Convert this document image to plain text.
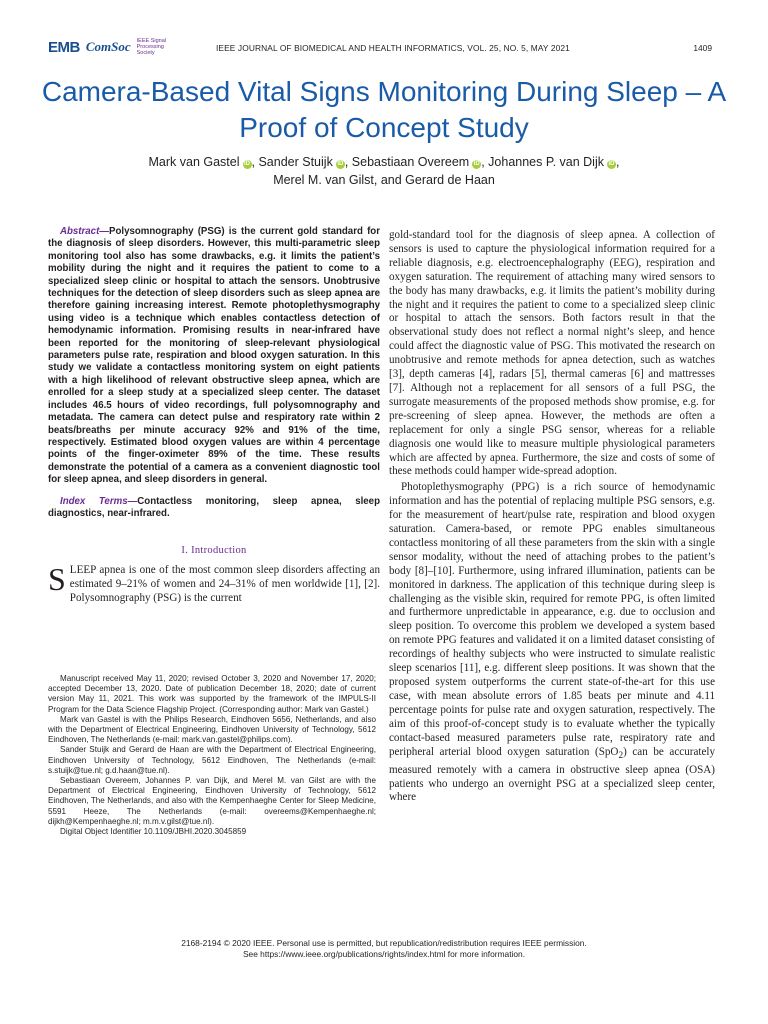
EMB ComSoc IEEE Signal Processing Society	IEEE JOURNAL OF BIOMEDICAL AND HEALTH INFORMATICS, VOL. 25, NO. 5, MAY 2021	1409
Camera-Based Vital Signs Monitoring During Sleep – A Proof of Concept Study
Mark van Gastel iD , Sander Stuijk iD , Sebastiaan Overeem iD , Johannes P. van Dijk iD ,
Merel M. van Gilst, and Gerard de Haan

Abstract—Polysomnography (PSG) is the current gold standard for the diagnosis of sleep disorders. However, this multi-parametric sleep monitoring tool also has some drawbacks, e.g. it limits the patient’s mobility during the night and it requires the patient to come to a specialized sleep clinic or hospital to attach the sensors. Unobtrusive techniques for the detection of sleep disorders such as sleep apnea are therefore gaining increasing interest. Remote photoplethysmography using video is a technique which enables contactless detection of hemodynamic information. Promising results in near-infrared have been reported for the monitoring of sleep-relevant physiological parameters pulse rate, respiration and blood oxygen saturation. In this study we validate a contactless monitoring system on eight patients with a high likelihood of relevant obstructive sleep apnea, which are enrolled for a sleep study at a specialized sleep center. The dataset includes 46.5 hours of video recordings, full polysomnography and metadata. The camera can detect pulse and respiratory rate within 2 beats/breaths per minute accuracy 92% and 91% of the time, respectively. Estimated blood oxygen values are within 4 percentage points of the finger-oximeter 89% of the time. These results demonstrate the potential of a camera as a convenient diagnostic tool for sleep apnea, and sleep disorders in general.

Index Terms—Contactless monitoring, sleep apnea, sleep diagnostics, near-infrared.

I. Introduction

SLEEP apnea is one of the most common sleep disorders affecting an estimated 9–21% of women and 24–31% of men worldwide [1], [2]. Polysomnography (PSG) is the current

Manuscript received May 11, 2020; revised October 3, 2020 and November 17, 2020; accepted December 13, 2020. Date of publication December 18, 2020; date of current version May 11, 2021. This work was supported by the framework of the IMPULS-II Program for the Data Science Flagship Project. (Corresponding author: Mark van Gastel.)

Mark van Gastel is with the Philips Research, Eindhoven 5656, Netherlands, and also with the Department of Electrical Engineering, Eindhoven University of Technology, 5612 Eindhoven, The Netherlands (e-mail: mark.van.gastel@philips.com).

Sander Stuijk and Gerard de Haan are with the Department of Electrical Engineering, Eindhoven University of Technology, 5612 Eindhoven, The Netherlands (e-mail: s.stuijk@tue.nl; g.d.haan@tue.nl).

Sebastiaan Overeem, Johannes P. van Dijk, and Merel M. van Gilst are with the Department of Electrical Engineering, Eindhoven University of Technology, 5612 Eindhoven, The Netherlands, and also with the Kempenhaeghe Center for Sleep Medicine, 5591 Heeze, The Netherlands (e-mail: overeems@Kempenhaeghe.nl; dijkh@Kempenhaeghe.nl; m.m.v.gilst@tue.nl).

Digital Object Identifier 10.1109/JBHI.2020.3045859

gold-standard tool for the diagnosis of sleep apnea. A collection of sensors is used to capture the physiological information required for a reliable diagnosis, e.g. electroencephalography (EEG), respiration and oxygen saturation. The requirement of attaching many wired sensors to the body has many drawbacks, e.g. it limits the patient’s mobility during the night and it requires the patient to come to a specialized sleep clinic or hospital to attach the sensors. Both factors result in that the observational study does not reflect a normal night’s sleep, and hence could affect the diagnostic value of PSG. This motivated the research on unobtrusive and remote methods for apnea detection, such as watches [3], depth cameras [4], radars [5], thermal cameras [6] and mattresses [7]. Although not a replacement for all sensors of a full PSG, the surrogate measurements of the proposed methods show promise, e.g. for pre-screening of sleep apnea. However, the methods are often a replacement for only a single PSG sensor, whereas for a reliable diagnosis one would like to measure multiple physiological parameters which are affected by apnea. Furthermore, the size and costs of some of these methods could hamper wide-spread adoption.

Photoplethysmography (PPG) is a rich source of hemodynamic information and has the potential of replacing multiple PSG sensors, e.g. for the measurement of heart/pulse rate, respiration and blood oxygen saturation. Camera-based, or remote PPG enables simultaneous contactless monitoring of all these parameters from the skin with a single sensor modality, without the need of attaching probes to the patient’s body [8]–[10]. Furthermore, using infrared illumination, patients can be monitored in darkness. The application of this technique during sleep is challenging as the visible skin, required for remote PPG, is often limited and furthermore unpredictable in appearance, e.g. due to occlusion and sleep position. To overcome this problem we developed a system based on remote PPG features and validated it on a limited dataset consisting of recordings of healthy subjects who were instructed to simulate realistic sleep scenarios [11], e.g. different sleep positions. It was shown that the proposed system outperforms the current state-of-the-art for this use case, with mean absolute errors of 1.85 beats per minute and 4.11 percentage points for pulse rate and oxygen saturation, respectively. The aim of this proof-of-concept study is to evaluate whether the typically contact-based measured parameters pulse rate, respiratory rate and peripheral arterial blood oxygen saturation (SpO$_2$) can be accurately measured remotely with a camera in obstructive sleep apnea (OSA) patients who undergo an overnight PSG at a specialized sleep center, where

2168-2194 © 2020 IEEE. Personal use is permitted, but republication/redistribution requires IEEE permission.
See https://www.ieee.org/publications/rights/index.html for more information.
